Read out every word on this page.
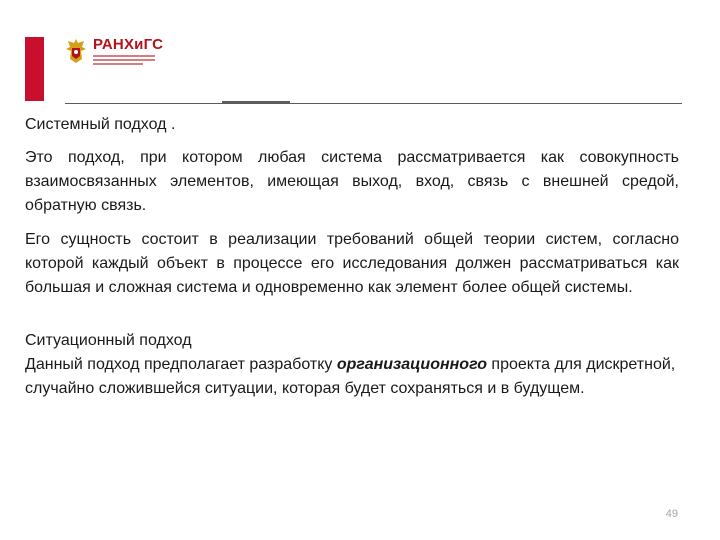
РАНХиГС

Системный подход .

Это подход, при котором любая система рассматривается как совокупность взаимосвязанных элементов, имеющая выход, вход, связь с внешней средой, обратную связь.

Его сущность состоит в реализации требований общей теории систем, согласно которой каждый объект в процессе его исследования должен рассматриваться как большая и сложная система и одновременно как элемент более общей системы.

Ситуационный подход

Данный подход предполагает разработку организационного проекта для дискретной, случайно сложившейся ситуации, которая будет сохраняться и в будущем.

49
